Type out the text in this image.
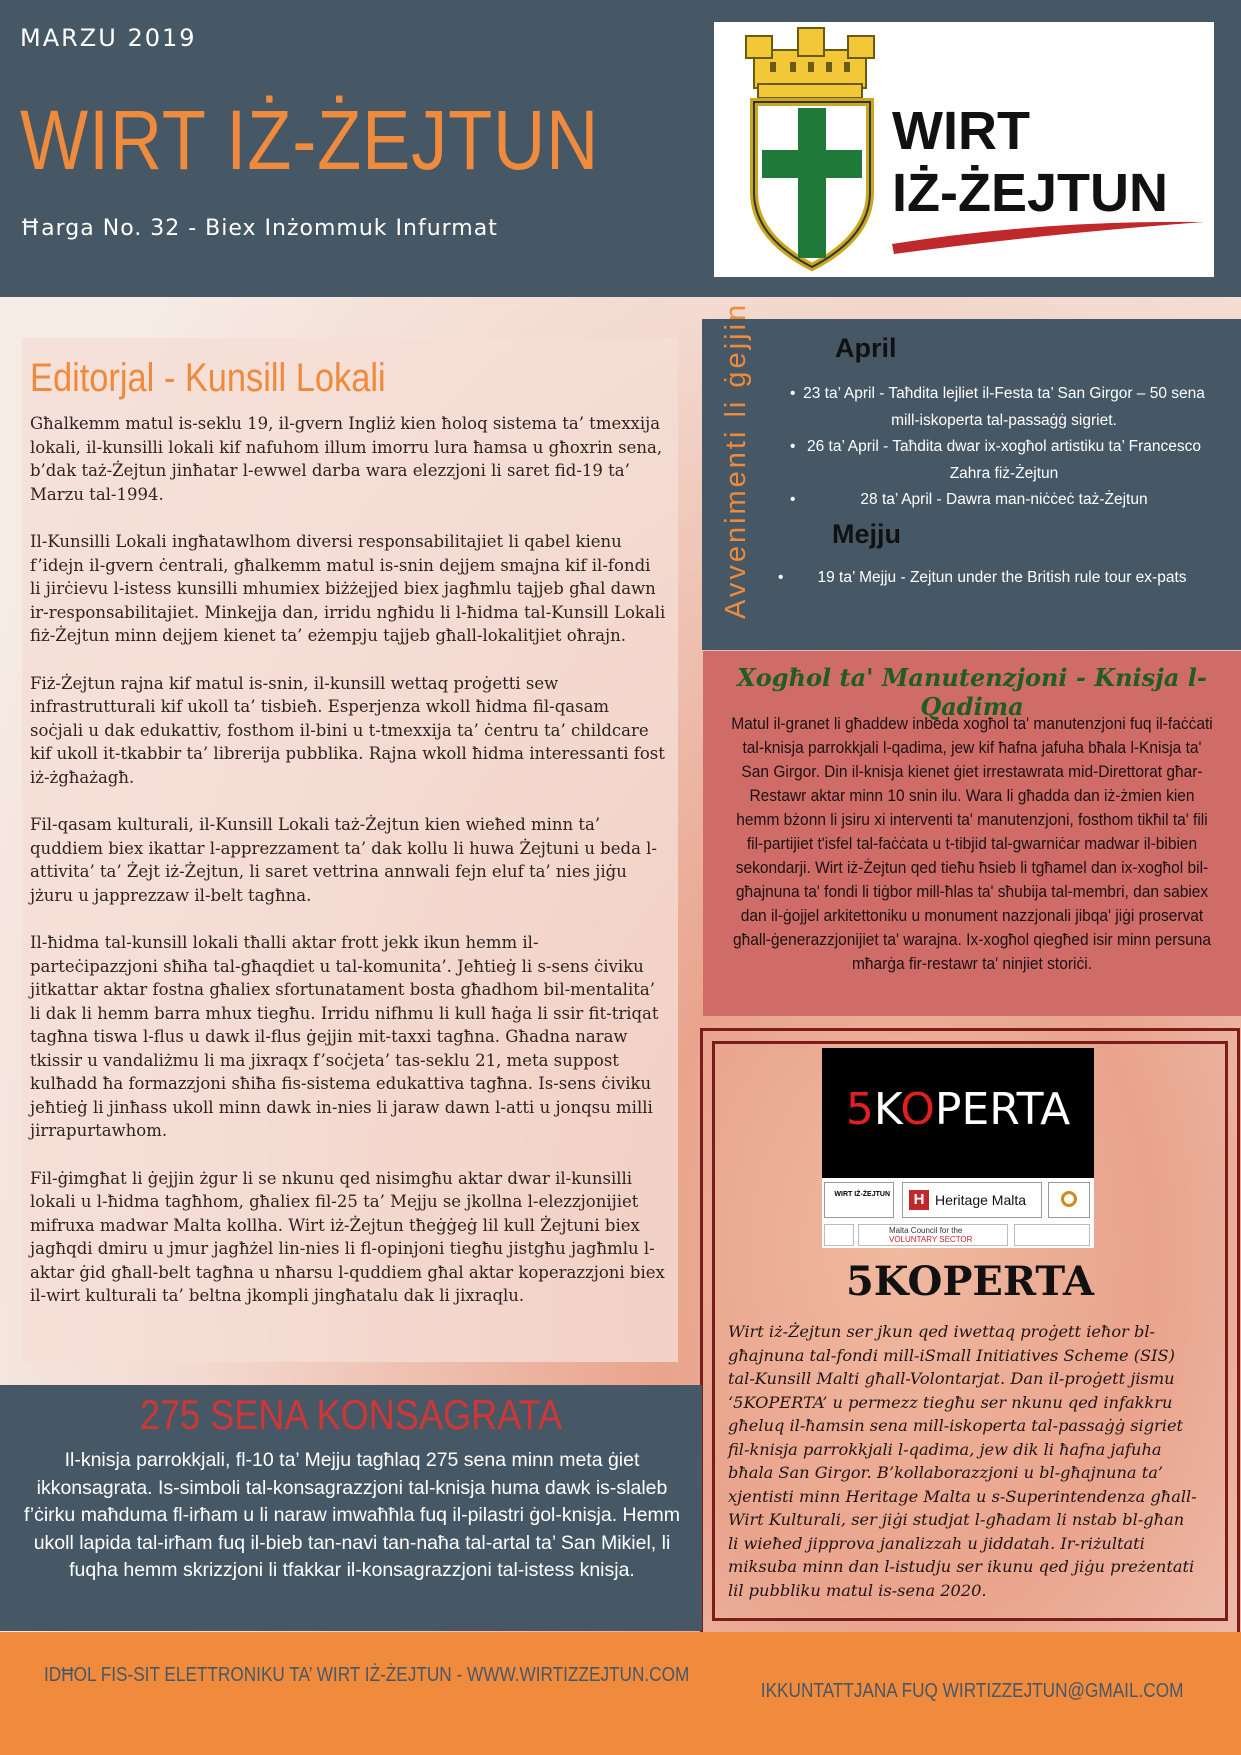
MARZU 2019
WIRT IŻ-ŻEJTUN
Ħarga No. 32 - Biex Inżommuk Infurmat
WIRT
IŻ-ŻEJTUN
Editorjal - Kunsill Lokali

Għalkemm matul is-seklu 19, il-gvern Ingliż kien ħoloq sistema ta’ tmexxija lokali, il-kunsilli lokali kif nafuhom illum imorru lura ħamsa u għoxrin sena, b’dak taż-Żejtun jinħatar l-ewwel darba wara elezzjoni li saret fid-19 ta’ Marzu tal-1994.

Il-Kunsilli Lokali ingħatawlhom diversi responsabilitajiet li qabel kienu f’idejn il-gvern ċentrali, għalkemm matul is-snin dejjem smajna kif il-fondi li jirċievu l-istess kunsilli mhumiex biżżejjed biex jagħmlu tajjeb għal dawn ir-responsabilitajiet. Minkejja dan, irridu ngħidu li l-ħidma tal-Kunsill Lokali fiż-Żejtun minn dejjem kienet ta’ eżempju tajjeb għall-lokalitjiet oħrajn.

Fiż-Żejtun rajna kif matul is-snin, il-kunsill wettaq proġetti sew infrastrutturali kif ukoll ta’ tisbieħ. Esperjenza wkoll ħidma fil-qasam soċjali u dak edukattiv, fosthom il-bini u t-tmexxija ta’ ċentru ta’ childcare kif ukoll it-tkabbir ta’ librerija pubblika. Rajna wkoll ħidma interessanti fost iż-żgħażagħ.

Fil-qasam kulturali, il-Kunsill Lokali taż-Żejtun kien wieħed minn ta’ quddiem biex ikattar l-apprezzament ta’ dak kollu li huwa Żejtuni u beda l-attivita’ ta’ Żejt iż-Żejtun, li saret vettrina annwali fejn eluf ta’ nies jiġu jżuru u japprezzaw il-belt tagħna.

Il-ħidma tal-kunsill lokali tħalli aktar frott jekk ikun hemm il-parteċipazzjoni sħiħa tal-għaqdiet u tal-komunita’. Jeħtieġ li s-sens ċiviku jitkattar aktar fostna għaliex sfortunatament bosta għadhom bil-mentalita’ li dak li hemm barra mhux tiegħu. Irridu nifhmu li kull ħaġa li ssir fit-triqat tagħna tiswa l-flus u dawk il-flus ġejjin mit-taxxi tagħna. Għadna naraw tkissir u vandaliżmu li ma jixraqx f’soċjeta’ tas-seklu 21, meta suppost kulħadd ħa formazzjoni sħiħa fis-sistema edukattiva tagħna. Is-sens ċiviku jeħtieġ li jinħass ukoll minn dawk in-nies li jaraw dawn l-atti u jonqsu milli jirrapurtawhom.

Fil-ġimgħat li ġejjin żgur li se nkunu qed nisimgħu aktar dwar il-kunsilli lokali u l-ħidma tagħhom, għaliex fil-25 ta’ Mejju se jkollna l-elezzjonijiet mifruxa madwar Malta kollha. Wirt iż-Żejtun tħeġġeġ lil kull Żejtuni biex jagħqdi dmiru u jmur jagħżel lin-nies li fl-opinjoni tiegħu jistgħu jagħmlu l-aktar ġid għall-belt tagħna u nħarsu l-quddiem għal aktar koperazzjoni biex il-wirt kulturali ta’ beltna jkompli jingħatalu dak li jixraqlu.

Avvenimenti li ġejjin	April
• 23 ta’ April - Taħdita lejliet il-Festa ta’ San Girgor – 50 sena mill-iskoperta tal-passaġġ sigriet.
• 26 ta’ April - Taħdita dwar ix-xogħol artistiku ta’ Francesco Zahra fiż-Żejtun
• 28 ta’ April - Dawra man-niċċeċ taż-Żejtun
Mejju
• 19 ta’ Mejju - Zejtun under the British rule tour ex-pats
Xogħol ta' Manutenzjoni - Knisja l-Qadima
Matul il-granet li għaddew inbeda xogħol ta' manutenzjoni fuq il-faċċati tal-knisja parrokkjali l-qadima, jew kif ħafna jafuha bħala l-Knisja ta' San Girgor. Din il-knisja kienet ġiet irrestawrata mid-Direttorat għar-Restawr aktar minn 10 snin ilu. Wara li għadda dan iż-żmien kien hemm bżonn li jsiru xi interventi ta' manutenzjoni, fosthom tikħil ta' fili fil-partijiet t'isfel tal-faċċata u t-tibjid tal-gwarniċar madwar il-bibien sekondarji. Wirt iż-Żejtun qed tieħu ħsieb li tgħamel dan ix-xogħol bil-għajnuna ta' fondi li tiġbor mill-ħlas ta' sħubija tal-membri, dan sabiex dan il-ġojjel arkitettoniku u monument nazzjonali jibqa' jiġi proservat għall-ġenerazzjonijiet ta' warajna. Ix-xogħol qiegħed isir minn persuna mħarġa fir-restawr ta' ninjiet storiċi.
5KOPERTA
WIRT IŻ-ŻEJTUN	H Heritage Malta
Malta Council for the
VOLUNTARY SECTOR
5KOPERTA
Wirt iż-Żejtun ser jkun qed iwettaq proġett ieħor bl-għajnuna tal-fondi mill-iSmall Initiatives Scheme (SIS) tal-Kunsill Malti għall-Volontarjat. Dan il-proġett jismu ‘5KOPERTA’ u permezz tiegħu ser nkunu qed infakkru għeluq il-ħamsin sena mill-iskoperta tal-passaġġ sigriet fil-knisja parrokkjali l-qadima, jew dik li ħafna jafuha bħala San Girgor. B’kollaborazzjoni u bl-għajnuna ta’ xjentisti minn Heritage Malta u s-Superintendenza għall-Wirt Kulturali, ser jiġi studjat l-għadam li nstab bl-għan li wieħed jipprova janalizzah u jiddatah. Ir-riżultati miksuba minn dan l-istudju ser ikunu qed jiġu preżentati lil pubbliku matul is-sena 2020.
275 SENA KONSAGRATA
Il-knisja parrokkjali, fl-10 ta’ Mejju tagħlaq 275 sena minn meta ġiet ikkonsagrata. Is-simboli tal-konsagrazzjoni tal-knisja huma dawk is-slaleb f’ċirku maħduma fl-irħam u li naraw imwaħħla fuq il-pilastri ġol-knisja. Hemm ukoll lapida tal-irħam fuq il-bieb tan-navi tan-naħa tal-artal ta’ San Mikiel, li fuqha hemm skrizzjoni li tfakkar il-konsagrazzjoni tal-istess knisja.
IDĦOL FIS-SIT ELETTRONIKU TA’ WIRT IŻ-ŻEJTUN - WWW.WIRTIZZEJTUN.COM
IKKUNTATTJANA FUQ WIRTIZZEJTUN@GMAIL.COM
